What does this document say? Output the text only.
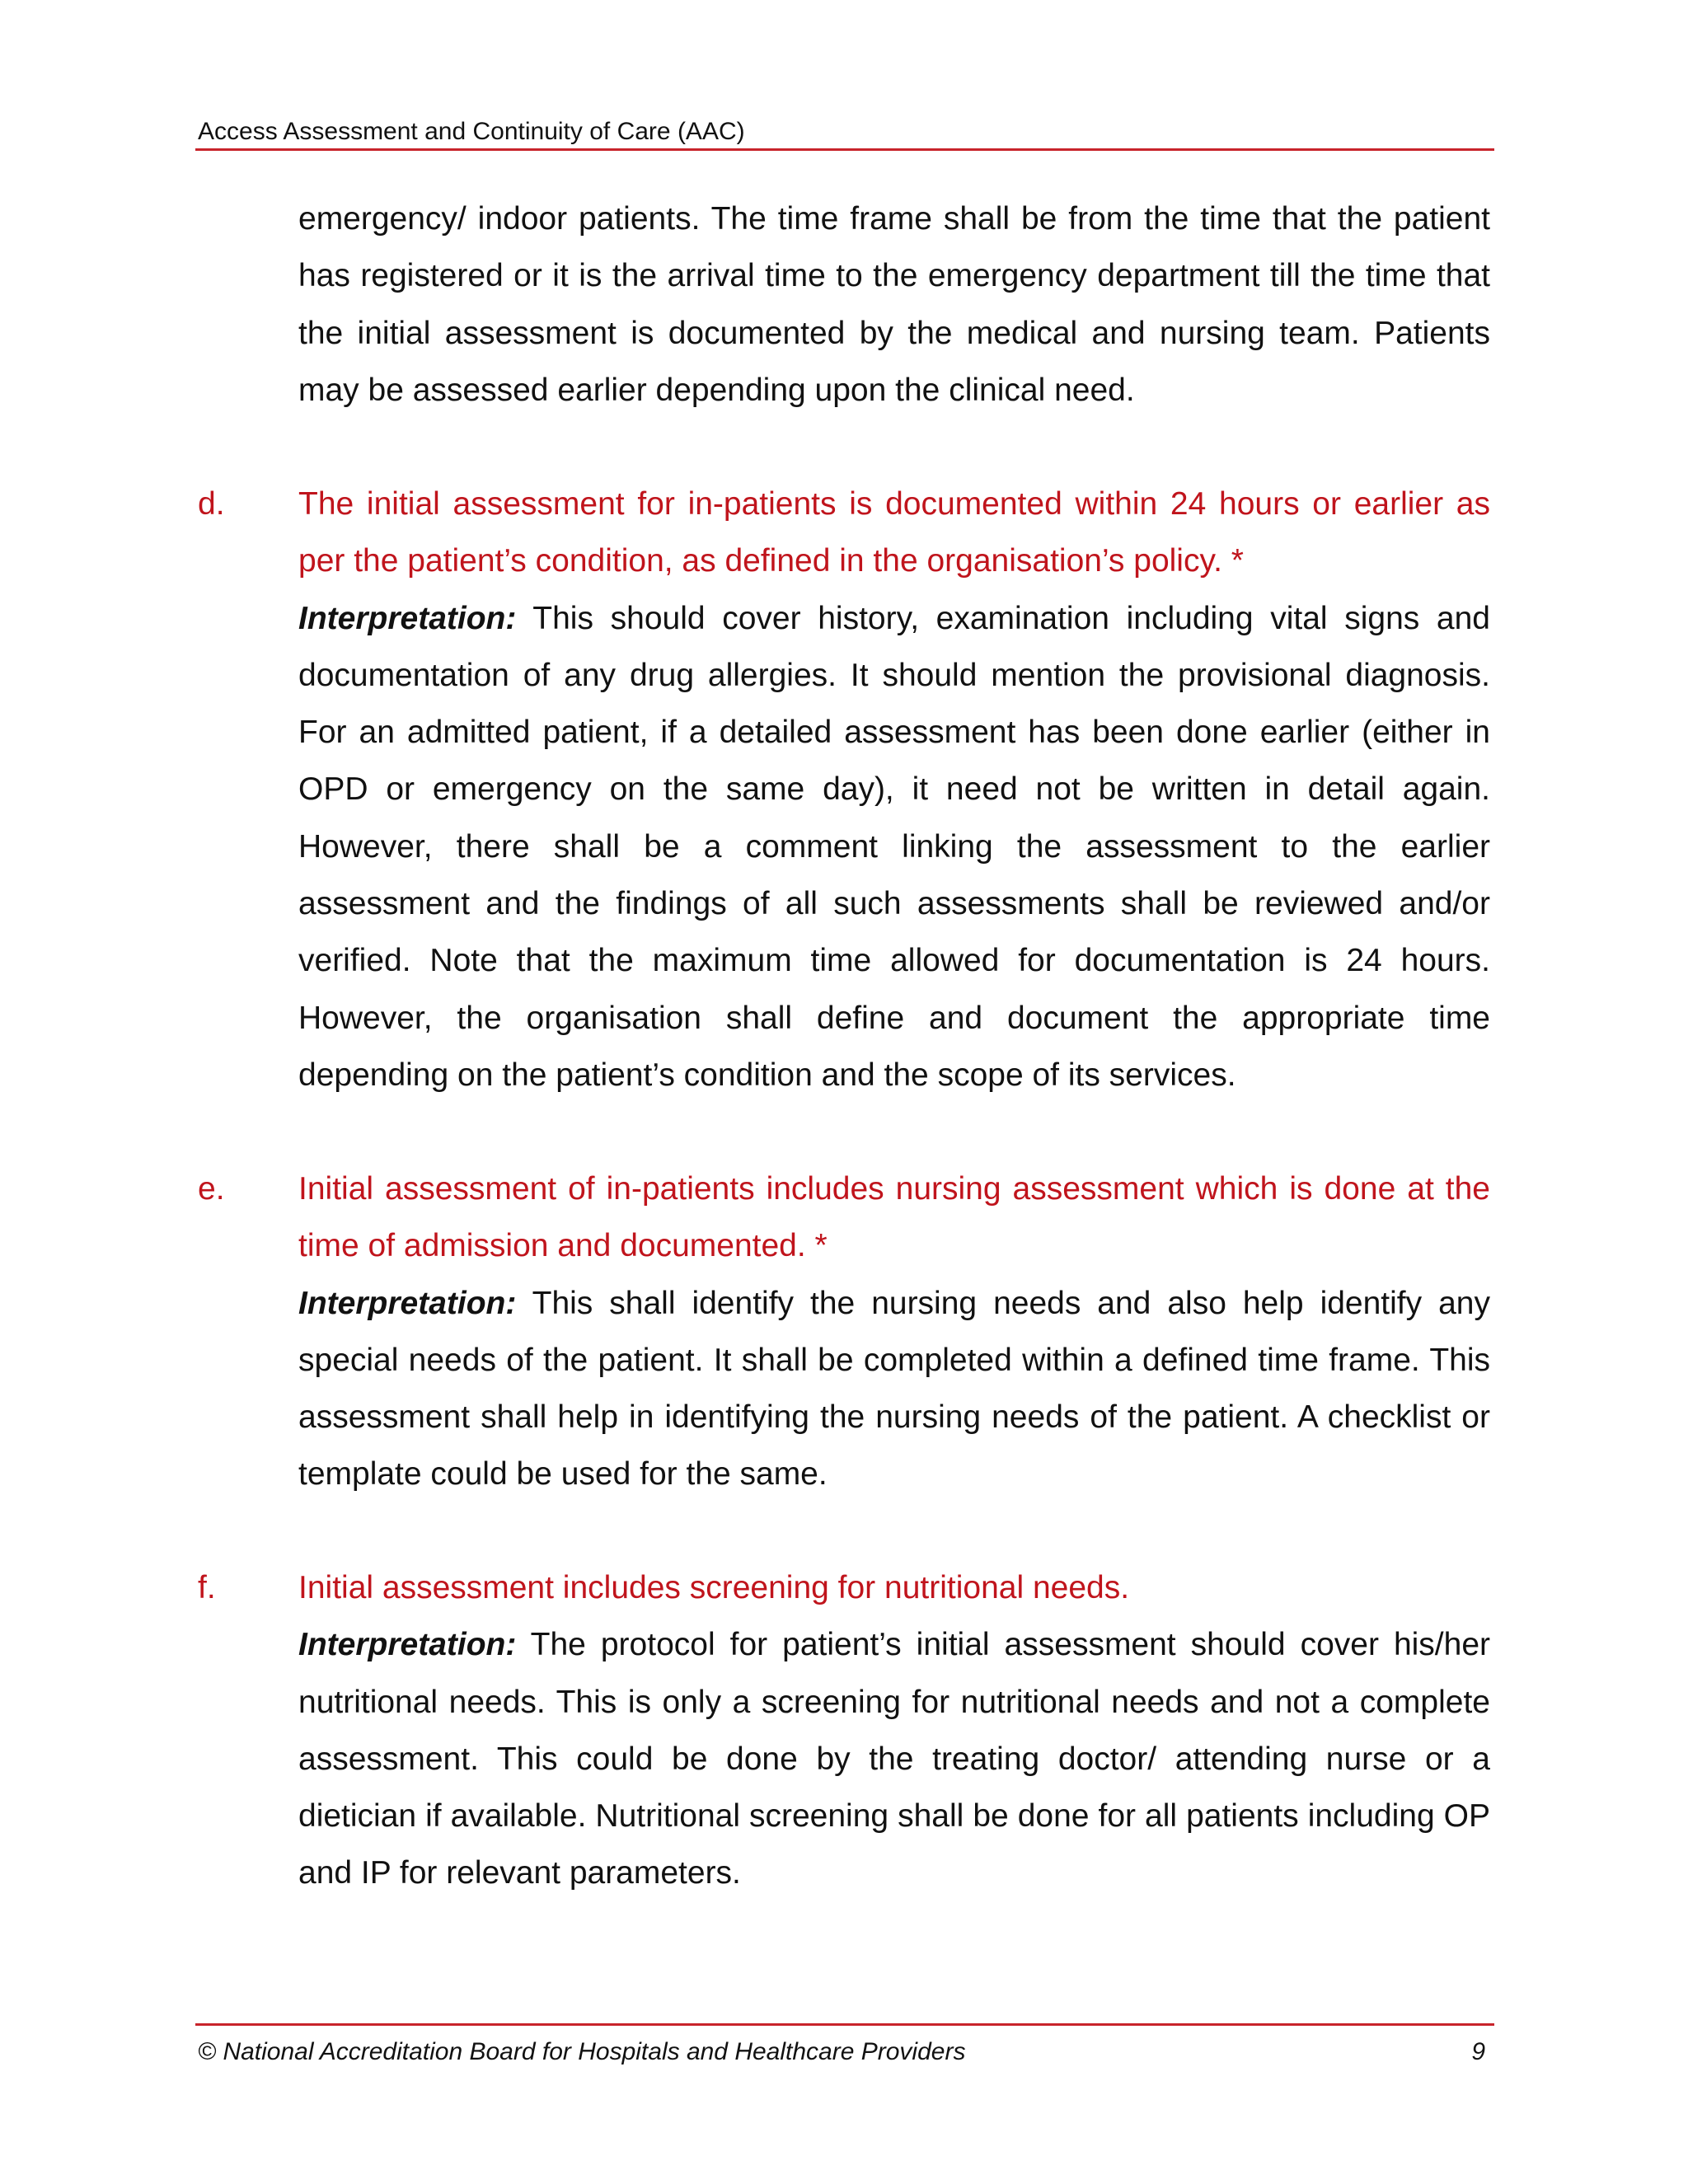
Access Assessment and Continuity of Care (AAC)

emergency/ indoor patients. The time frame shall be from the time that the patient has registered or it is the arrival time to the emergency department till the time that the initial assessment is documented by the medical and nursing team. Patients may be assessed earlier depending upon the clinical need.

d. The initial assessment for in-patients is documented within 24 hours or earlier as per the patient’s condition, as defined in the organisation’s policy. *

Interpretation: This should cover history, examination including vital signs and documentation of any drug allergies. It should mention the provisional diagnosis. For an admitted patient, if a detailed assessment has been done earlier (either in OPD or emergency on the same day), it need not be written in detail again. However, there shall be a comment linking the assessment to the earlier assessment and the findings of all such assessments shall be reviewed and/or verified. Note that the maximum time allowed for documentation is 24 hours. However, the organisation shall define and document the appropriate time depending on the patient’s condition and the scope of its services.

e. Initial assessment of in-patients includes nursing assessment which is done at the time of admission and documented. *

Interpretation: This shall identify the nursing needs and also help identify any special needs of the patient. It shall be completed within a defined time frame. This assessment shall help in identifying the nursing needs of the patient. A checklist or template could be used for the same.

f.	Initial assessment includes screening for nutritional needs.

Interpretation: The protocol for patient’s initial assessment should cover his/her nutritional needs. This is only a screening for nutritional needs and not a complete assessment. This could be done by the treating doctor/ attending nurse or a dietician if available. Nutritional screening shall be done for all patients including OP and IP for relevant parameters.

© National Accreditation Board for Hospitals and Healthcare Providers	9
